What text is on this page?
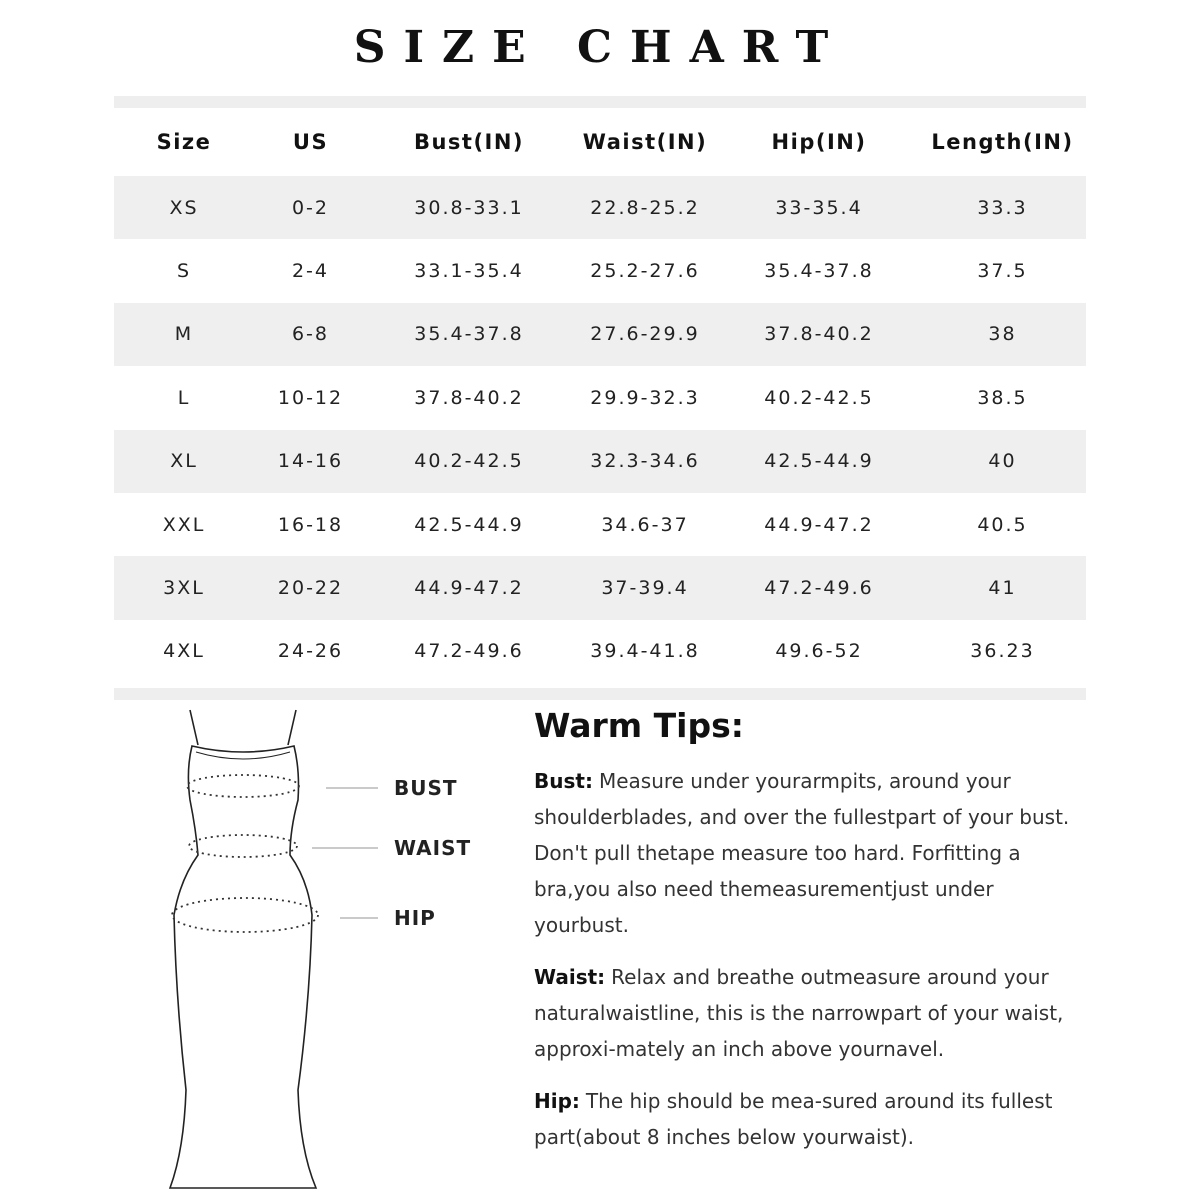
SIZE CHART
Size	US	Bust(IN)	Waist(IN)	Hip(IN)	Length(IN)
XS	0-2	30.8-33.1	22.8-25.2	33-35.4	33.3
S	2-4	33.1-35.4	25.2-27.6	35.4-37.8	37.5
M	6-8	35.4-37.8	27.6-29.9	37.8-40.2	38
L	10-12	37.8-40.2	29.9-32.3	40.2-42.5	38.5
XL	14-16	40.2-42.5	32.3-34.6	42.5-44.9	40
XXL	16-18	42.5-44.9	34.6-37	44.9-47.2	40.5
3XL	20-22	44.9-47.2	37-39.4	47.2-49.6	41
4XL	24-26	47.2-49.6	39.4-41.8	49.6-52	36.23
BUST
WAIST
HIP
Warm Tips:
Bust: Measure under yourarmpits, around your shoulderblades, and over the fullestpart of your bust. Don't pull thetape measure too hard. Forfitting a bra,you also need themeasurementjust under yourbust.
Waist: Relax and breathe outmeasure around your naturalwaistline, this is the narrowpart of your waist, approxi-mately an inch above yournavel.
Hip: The hip should be mea-sured around its fullest part(about 8 inches below yourwaist).
